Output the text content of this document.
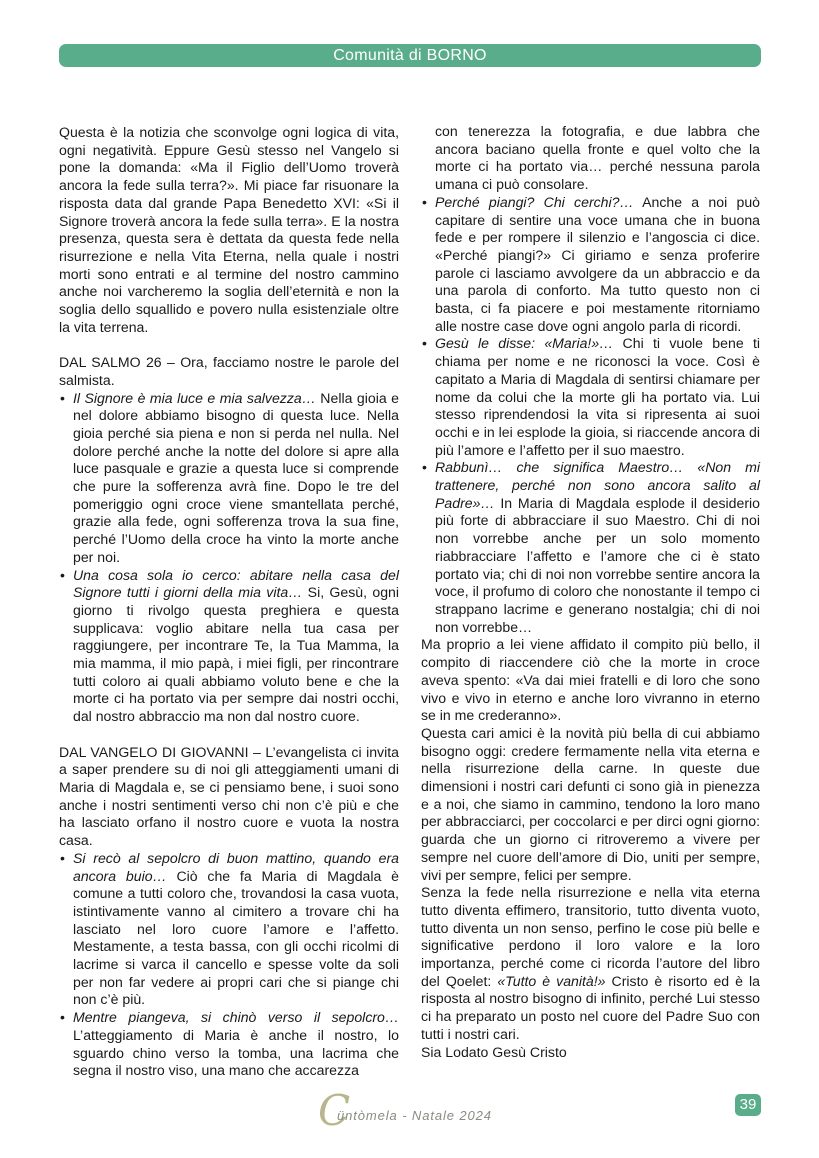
Comunità di BORNO

Questa è la notizia che sconvolge ogni logica di vita, ogni negatività. Eppure Gesù stesso nel Vangelo si pone la domanda: «Ma il Figlio dell’Uomo troverà ancora la fede sulla terra?». Mi piace far risuonare la risposta data dal grande Papa Benedetto XVI: «Si il Signore troverà ancora la fede sulla terra». E la nostra presenza, questa sera è dettata da questa fede nella risurrezione e nella Vita Eterna, nella quale i nostri morti sono entrati e al termine del nostro cammino anche noi varcheremo la soglia dell’eternità e non la soglia dello squallido e povero nulla esistenziale oltre la vita terrena.

DAL SALMO 26 – Ora, facciamo nostre le parole del salmista.

• Il Signore è mia luce e mia salvezza… Nella gioia e nel dolore abbiamo bisogno di questa luce. Nella gioia perché sia piena e non si perda nel nulla. Nel dolore perché anche la notte del dolore si apre alla luce pasquale e grazie a questa luce si comprende che pure la sofferenza avrà fine. Dopo le tre del pomeriggio ogni croce viene smantellata perché, grazie alla fede, ogni sofferenza trova la sua fine, perché l’Uomo della croce ha vinto la morte anche per noi.
• Una cosa sola io cerco: abitare nella casa del Signore tutti i giorni della mia vita… Si, Gesù, ogni giorno ti rivolgo questa preghiera e questa supplicava: voglio abitare nella tua casa per raggiungere, per incontrare Te, la Tua Mamma, la mia mamma, il mio papà, i miei figli, per rincontrare tutti coloro ai quali abbiamo voluto bene e che la morte ci ha portato via per sempre dai nostri occhi, dal nostro abbraccio ma non dal nostro cuore.

DAL VANGELO DI GIOVANNI – L’evangelista ci invita a saper prendere su di noi gli atteggiamenti umani di Maria di Magdala e, se ci pensiamo bene, i suoi sono anche i nostri sentimenti verso chi non c’è più e che ha lasciato orfano il nostro cuore e vuota la nostra casa.

• Si recò al sepolcro di buon mattino, quando era ancora buio… Ciò che fa Maria di Magdala è comune a tutti coloro che, trovandosi la casa vuota, istintivamente vanno al cimitero a trovare chi ha lasciato nel loro cuore l’amore e l’affetto. Mestamente, a testa bassa, con gli occhi ricolmi di lacrime si varca il cancello e spesse volte da soli per non far vedere ai propri cari che si piange chi non c’è più.
• Mentre piangeva, si chinò verso il sepolcro… L’atteggiamento di Maria è anche il nostro, lo sguardo chino verso la tomba, una lacrima che segna il nostro viso, una mano che accarezza

con tenerezza la fotografia, e due labbra che ancora baciano quella fronte e quel volto che la morte ci ha portato via… perché nessuna parola umana ci può consolare.

• Perché piangi? Chi cerchi?… Anche a noi può capitare di sentire una voce umana che in buona fede e per rompere il silenzio e l’angoscia ci dice. «Perché piangi?» Ci giriamo e senza proferire parole ci lasciamo avvolgere da un abbraccio e da una parola di conforto. Ma tutto questo non ci basta, ci fa piacere e poi mestamente ritorniamo alle nostre case dove ogni angolo parla di ricordi.
• Gesù le disse: «Maria!»… Chi ti vuole bene ti chiama per nome e ne riconosci la voce. Così è capitato a Maria di Magdala di sentirsi chiamare per nome da colui che la morte gli ha portato via. Lui stesso riprendendosi la vita si ripresenta ai suoi occhi e in lei esplode la gioia, si riaccende ancora di più l’amore e l’affetto per il suo maestro.
• Rabbunì… che significa Maestro… «Non mi trattenere, perché non sono ancora salito al Padre»… In Maria di Magdala esplode il desiderio più forte di abbracciare il suo Maestro. Chi di noi non vorrebbe anche per un solo momento riabbracciare l’affetto e l’amore che ci è stato portato via; chi di noi non vorrebbe sentire ancora la voce, il profumo di coloro che nonostante il tempo ci strappano lacrime e generano nostalgia; chi di noi non vorrebbe…

Ma proprio a lei viene affidato il compito più bello, il compito di riaccendere ciò che la morte in croce aveva spento: «Va dai miei fratelli e di loro che sono vivo e vivo in eterno e anche loro vivranno in eterno se in me crederanno».

Questa cari amici è la novità più bella di cui abbiamo bisogno oggi: credere fermamente nella vita eterna e nella risurrezione della carne. In queste due dimensioni i nostri cari defunti ci sono già in pienezza e a noi, che siamo in cammino, tendono la loro mano per abbracciarci, per coccolarci e per dirci ogni giorno: guarda che un giorno ci ritroveremo a vivere per sempre nel cuore dell’amore di Dio, uniti per sempre, vivi per sempre, felici per sempre.

Senza la fede nella risurrezione e nella vita eterna tutto diventa effimero, transitorio, tutto diventa vuoto, tutto diventa un non senso, perfino le cose più belle e significative perdono il loro valore e la loro importanza, perché come ci ricorda l’autore del libro del Qoelet: «Tutto è vanità!» Cristo è risorto ed è la risposta al nostro bisogno di infinito, perché Lui stesso ci ha preparato un posto nel cuore del Padre Suo con tutti i nostri cari.

Sia Lodato Gesù Cristo

C
üntòmela - Natale 2024
39
